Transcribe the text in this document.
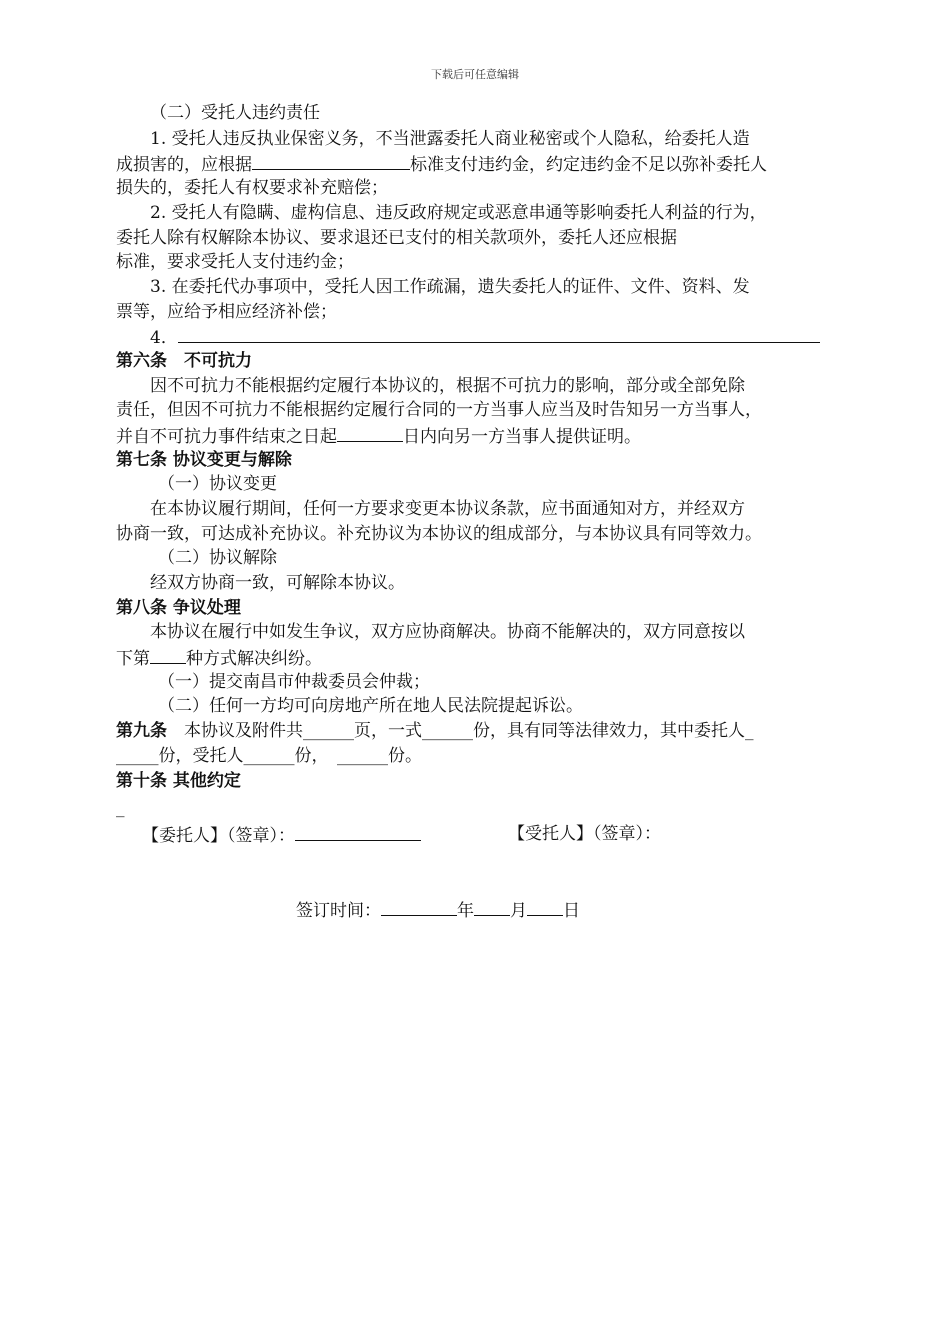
下载后可任意编辑
（二）受托人违约责任
1. 受托人违反执业保密义务，不当泄露委托人商业秘密或个人隐私，给委托人造
成损害的，应根据	标准支付违约金，约定违约金不足以弥补委托人
损失的，委托人有权要求补充赔偿；
2. 受托人有隐瞒、虚构信息、违反政府规定或恶意串通等影响委托人利益的行为，
委托人除有权解除本协议、要求退还已支付的相关款项外，委托人还应根据
标准，要求受托人支付违约金；
3. 在委托代办事项中，受托人因工作疏漏，遗失委托人的证件、文件、资料、发
票等，应给予相应经济补偿；
4．
第六条　不可抗力
因不可抗力不能根据约定履行本协议的，根据不可抗力的影响，部分或全部免除
责任，但因不可抗力不能根据约定履行合同的一方当事人应当及时告知另一方当事人，
并自不可抗力事件结束之日起	日内向另一方当事人提供证明。
第七条 协议变更与解除
（一）协议变更
在本协议履行期间，任何一方要求变更本协议条款，应书面通知对方，并经双方
协商一致，可达成补充协议。补充协议为本协议的组成部分，与本协议具有同等效力。
（二）协议解除
经双方协商一致，可解除本协议。
第八条 争议处理
本协议在履行中如发生争议，双方应协商解决。协商不能解决的，双方同意按以
下第 种方式解决纠纷。
（一）提交南昌市仲裁委员会仲裁；
（二）任何一方均可向房地产所在地人民法院提起诉讼。
第九条　本协议及附件共______页，一式______份，具有同等法律效力，其中委托人_
_____份，受托人______份，　______份。
第十条 其他约定
_
【委托人】（签章）：	【受托人】（签章）：
签订时间：	年 月 日
